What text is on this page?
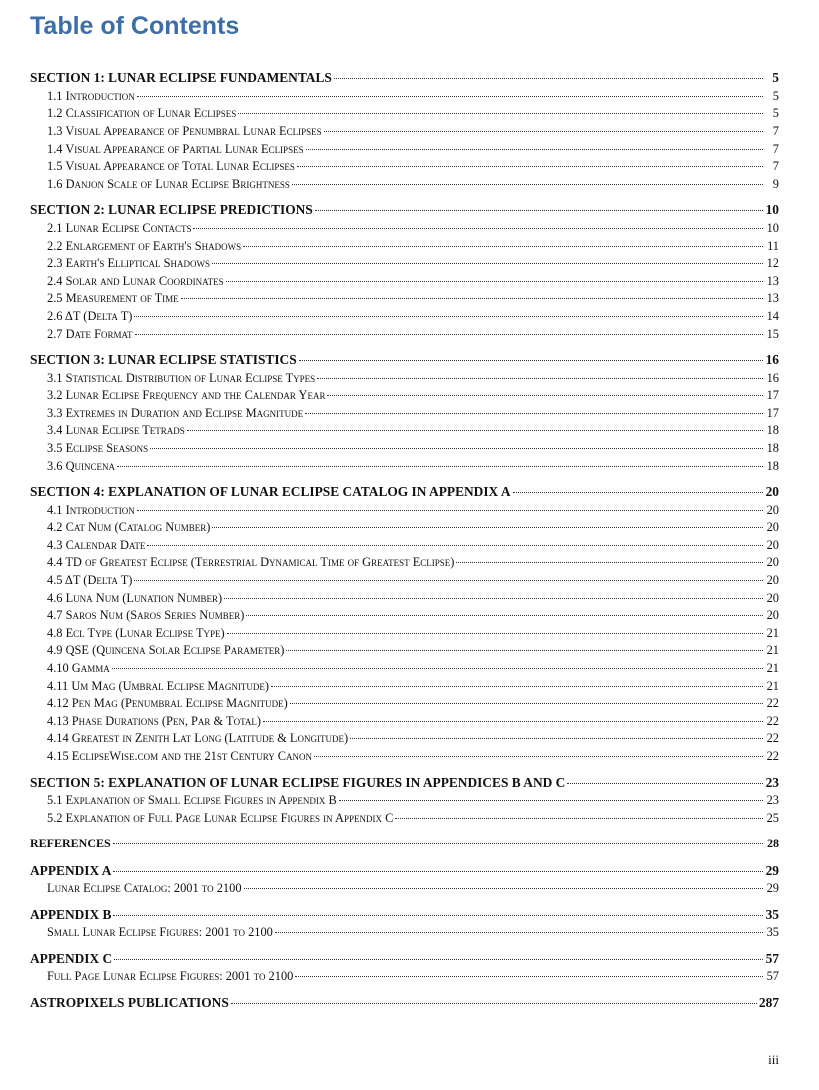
Table of Contents
SECTION 1: LUNAR ECLIPSE FUNDAMENTALS	5
1.1 Introduction	5
1.2 Classification of Lunar Eclipses	5
1.3 Visual Appearance of Penumbral Lunar Eclipses	7
1.4 Visual Appearance of Partial Lunar Eclipses	7
1.5 Visual Appearance of Total Lunar Eclipses	7
1.6 Danjon Scale of Lunar Eclipse Brightness	9
SECTION 2: LUNAR ECLIPSE PREDICTIONS	10
2.1 Lunar Eclipse Contacts	10
2.2 Enlargement of Earth's Shadows	11
2.3 Earth's Elliptical Shadows	12
2.4 Solar and Lunar Coordinates	13
2.5 Measurement of Time	13
2.6 ΔT (Delta T)	14
2.7 Date Format	15
SECTION 3: LUNAR ECLIPSE STATISTICS	16
3.1 Statistical Distribution of Lunar Eclipse Types	16
3.2 Lunar Eclipse Frequency and the Calendar Year	17
3.3 Extremes in Duration and Eclipse Magnitude	17
3.4 Lunar Eclipse Tetrads	18
3.5 Eclipse Seasons	18
3.6 Quincena	18
SECTION 4: EXPLANATION OF LUNAR ECLIPSE CATALOG IN APPENDIX A	20
4.1 Introduction	20
4.2 Cat Num (Catalog Number)	20
4.3 Calendar Date	20
4.4 TD of Greatest Eclipse (Terrestrial Dynamical Time of Greatest Eclipse)	20
4.5 ΔT (Delta T)	20
4.6 Luna Num (Lunation Number)	20
4.7 Saros Num (Saros Series Number)	20
4.8 Ecl Type (Lunar Eclipse Type)	21
4.9 QSE (Quincena Solar Eclipse Parameter)	21
4.10 Gamma	21
4.11 Um Mag (Umbral Eclipse Magnitude)	21
4.12 Pen Mag (Penumbral Eclipse Magnitude)	22
4.13 Phase Durations (Pen, Par & Total)	22
4.14 Greatest in Zenith Lat Long (Latitude & Longitude)	22
4.15 EclipseWise.com and the 21st Century Canon	22
SECTION 5: EXPLANATION OF LUNAR ECLIPSE FIGURES IN APPENDICES B AND C	23
5.1 Explanation of Small Eclipse Figures in Appendix B	23
5.2 Explanation of Full Page Lunar Eclipse Figures in Appendix C	25
REFERENCES	28
APPENDIX A	29
Lunar Eclipse Catalog: 2001 to 2100	29
APPENDIX B	35
Small Lunar Eclipse Figures: 2001 to 2100	35
APPENDIX C	57
Full Page Lunar Eclipse Figures: 2001 to 2100	57
ASTROPIXELS PUBLICATIONS	287
iii
